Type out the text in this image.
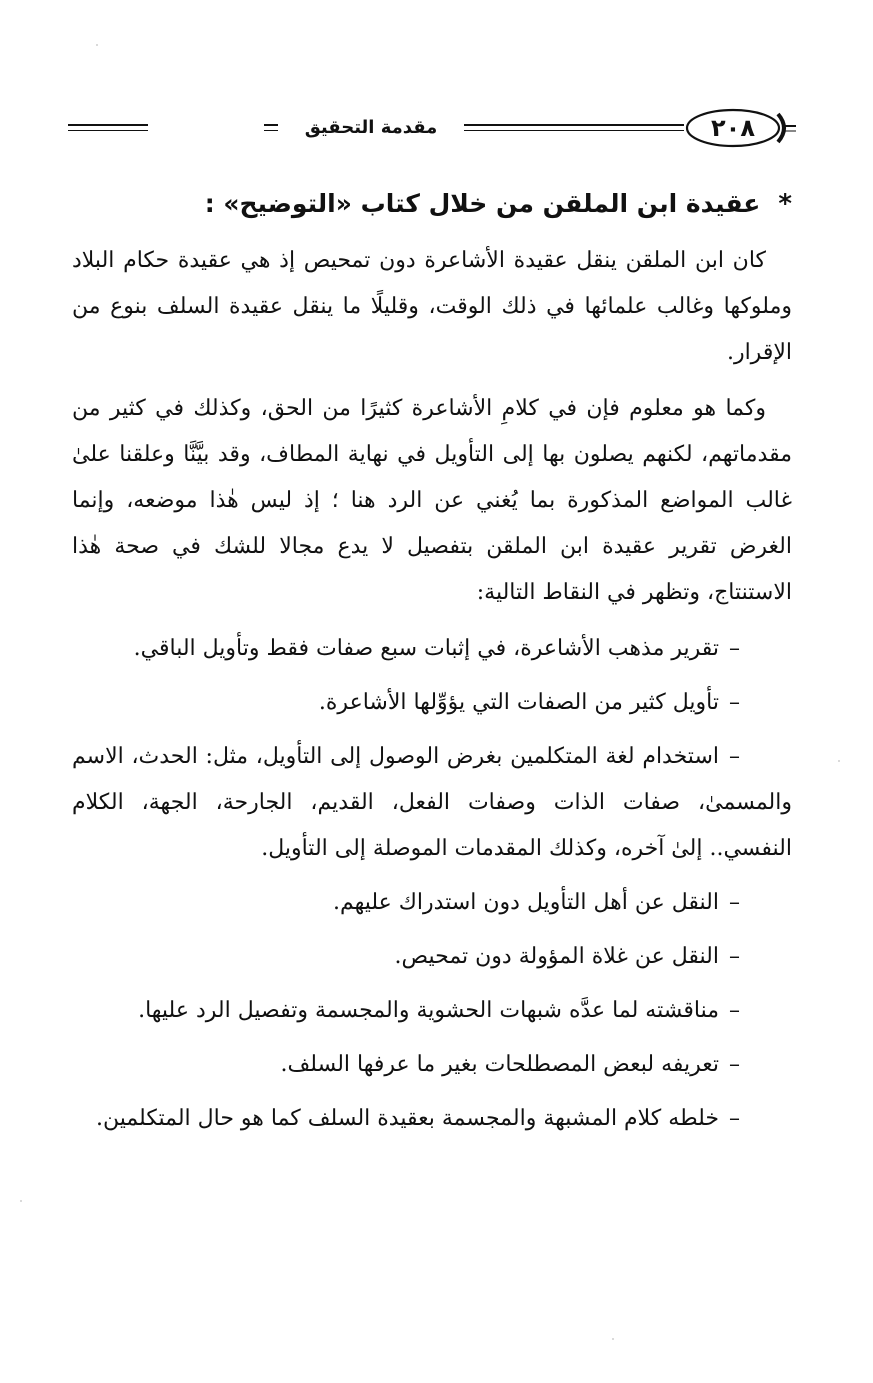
مقدمة التحقيق	٢٠٨
*عقيدة ابن الملقن من خلال كتاب «التوضيح» :

كان ابن الملقن ينقل عقيدة الأشاعرة دون تمحيص إذ هي عقيدة حكام البلاد وملوكها وغالب علمائها في ذلك الوقت، وقليلًا ما ينقل عقيدة السلف بنوع من الإقرار.

وكما هو معلوم فإن في كلامِ الأشاعرة كثيرًا من الحق، وكذلك في كثير من مقدماتهم، لكنهم يصلون بها إلى التأويل في نهاية المطاف، وقد بيَّنَّا وعلقنا علىٰ غالب المواضع المذكورة بما يُغني عن الرد هنا ؛ إذ ليس هٰذا موضعه، وإنما الغرض تقرير عقيدة ابن الملقن بتفصيل لا يدع مجالا للشك في صحة هٰذا الاستنتاج، وتظهر في النقاط التالية:

–تقرير مذهب الأشاعرة، في إثبات سبع صفات فقط وتأويل الباقي.
–تأويل كثير من الصفات التي يؤوِّلها الأشاعرة.
–استخدام لغة المتكلمين بغرض الوصول إلى التأويل، مثل: الحدث، الاسم والمسمىٰ، صفات الذات وصفات الفعل، القديم، الجارحة، الجهة، الكلام النفسي.. إلىٰ آخره، وكذلك المقدمات الموصلة إلى التأويل.
–النقل عن أهل التأويل دون استدراك عليهم.
–النقل عن غلاة المؤولة دون تمحيص.
–مناقشته لما عدَّه شبهات الحشوية والمجسمة وتفصيل الرد عليها.
–تعريفه لبعض المصطلحات بغير ما عرفها السلف.
–خلطه كلام المشبهة والمجسمة بعقيدة السلف كما هو حال المتكلمين.
